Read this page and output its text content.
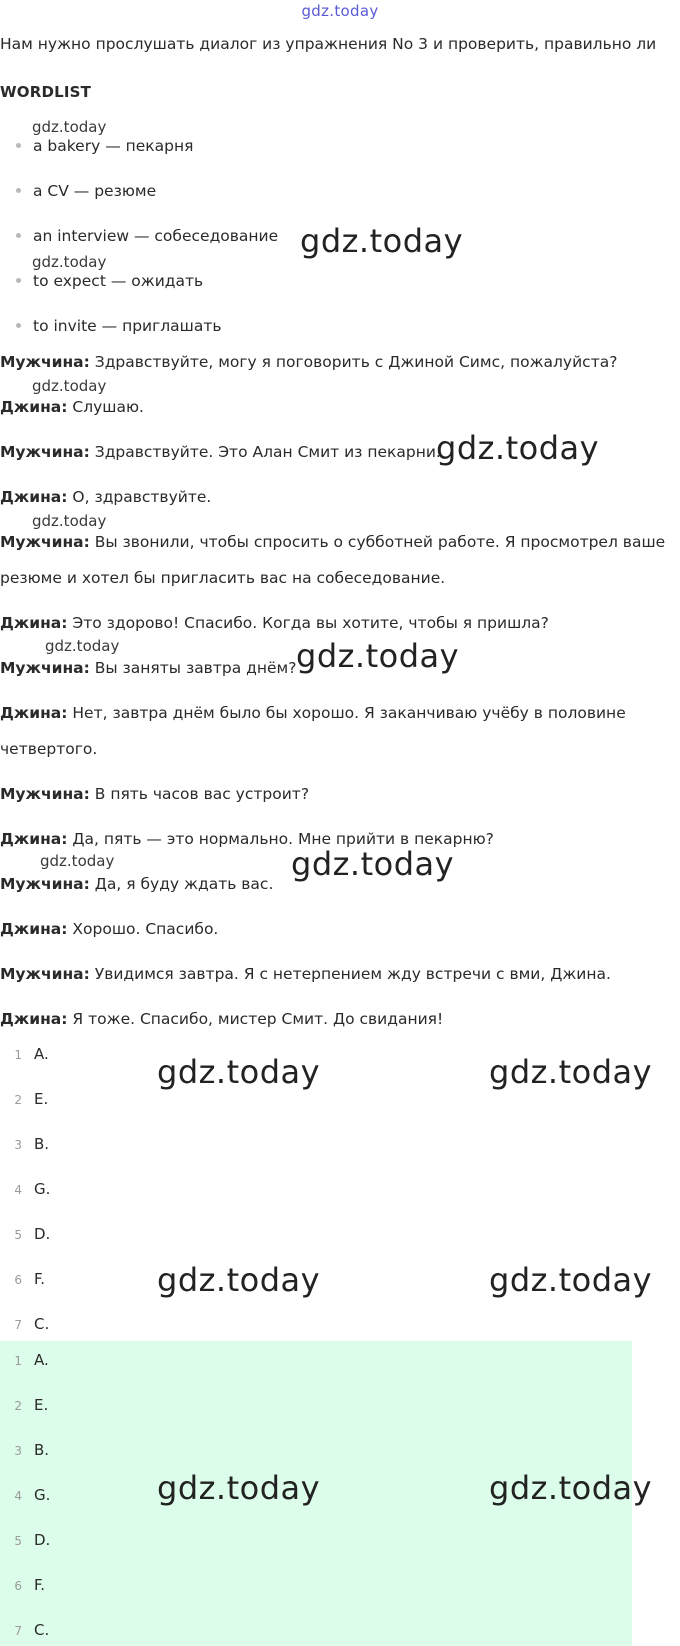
gdz.today
Нам нужно прослушать диалог из упражнения No 3 и проверить, правильно ли
WORDLIST
a bakery — пекарня
a CV — резюме
an interview — собеседование
to expect — ожидать
to invite — приглашать
Мужчина: Здравствуйте, могу я поговорить с Джиной Симс, пожалуйста?
Джина: Слушаю.
Мужчина: Здравствуйте. Это Алан Смит из пекарни.
Джина: О, здравствуйте.
Мужчина: Вы звонили, чтобы спросить о субботней работе. Я просмотрел ваше
резюме и хотел бы пригласить вас на собеседование.
Джина: Это здорово! Спасибо. Когда вы хотите, чтобы я пришла?
Мужчина: Вы заняты завтра днём?
Джина: Нет, завтра днём было бы хорошо. Я заканчиваю учёбу в половине
четвертого.
Мужчина: В пять часов вас устроит?
Джина: Да, пять — это нормально. Мне прийти в пекарню?
Мужчина: Да, я буду ждать вас.
Джина: Хорошо. Спасибо.
Мужчина: Увидимся завтра. Я с нетерпением жду встречи с вми, Джина.
Джина: Я тоже. Спасибо, мистер Смит. До свидания!
1 A.
2 E.
3 B.
4 G.
5 D.
6 F.
7 C.
1 A.
2 E.
3 B.
4 G.
5 D.
6 F.
7 C.
gdz.today
gdz.today
gdz.today
gdz.today
gdz.today
gdz.today
gdz.today
gdz.today
gdz.today
gdz.today
gdz.today	gdz.today
gdz.today	gdz.today
gdz.today	gdz.today
